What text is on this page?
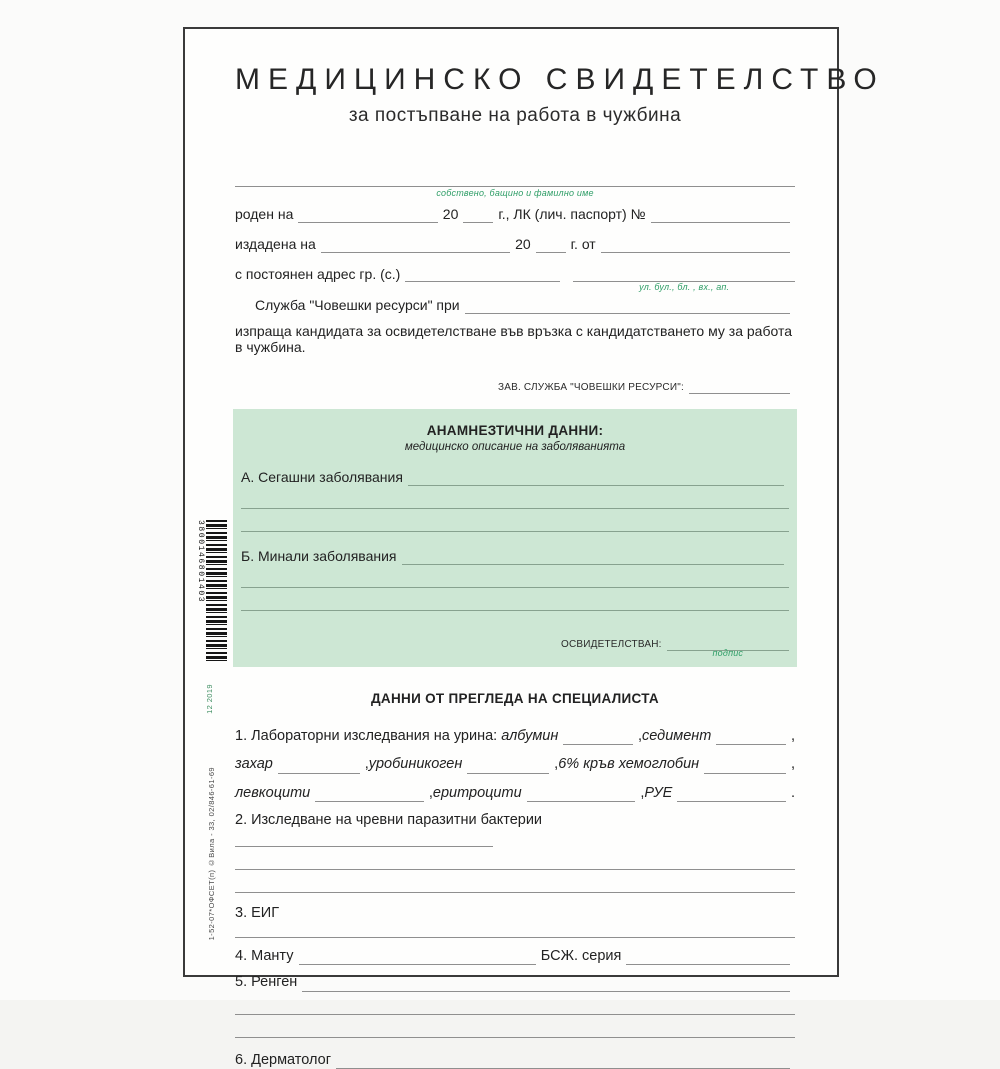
МЕДИЦИНСКО СВИДЕТЕЛСТВО
за постъпване на работа в чужбина
собствено, бащино и фамилно име
роден на	20	г., ЛК (лич. паспорт) №
издадена на	20	г. от
с постоянен адрес гр. (с.)
ул. бул., бл. , вх., ап.
Служба "Човешки ресурси" при

изпраща кандидата за освидетелстване във връзка с кандидатстването му за работа в чужбина.

ЗАВ. СЛУЖБА "ЧОВЕШКИ РЕСУРСИ":
АНАМНЕЗТИЧНИ ДАННИ:
медицинско описание на заболяванията
А. Сегашни заболявания
Б. Минали заболявания
ОСВИДЕТЕЛСТВАН:
подпис
ДАННИ ОТ ПРЕГЛЕДА НА СПЕЦИАЛИСТА
1. Лабораторни изследвания на урина:
албумин	, седимент	,
захар	, уробиникоген	, 6% кръв хемоглобин	,
левкоцити	, еритроцити	, РУЕ	.

2. Изследване на чревни паразитни бактерии

3. ЕИГ

4. Манту	БСЖ. серия
5. Ренген
6. Дерматолог
3800146801403
12 2019
1-52-07*ОФСЕТ(п) ©Вила - 33, 02/846-61-69
